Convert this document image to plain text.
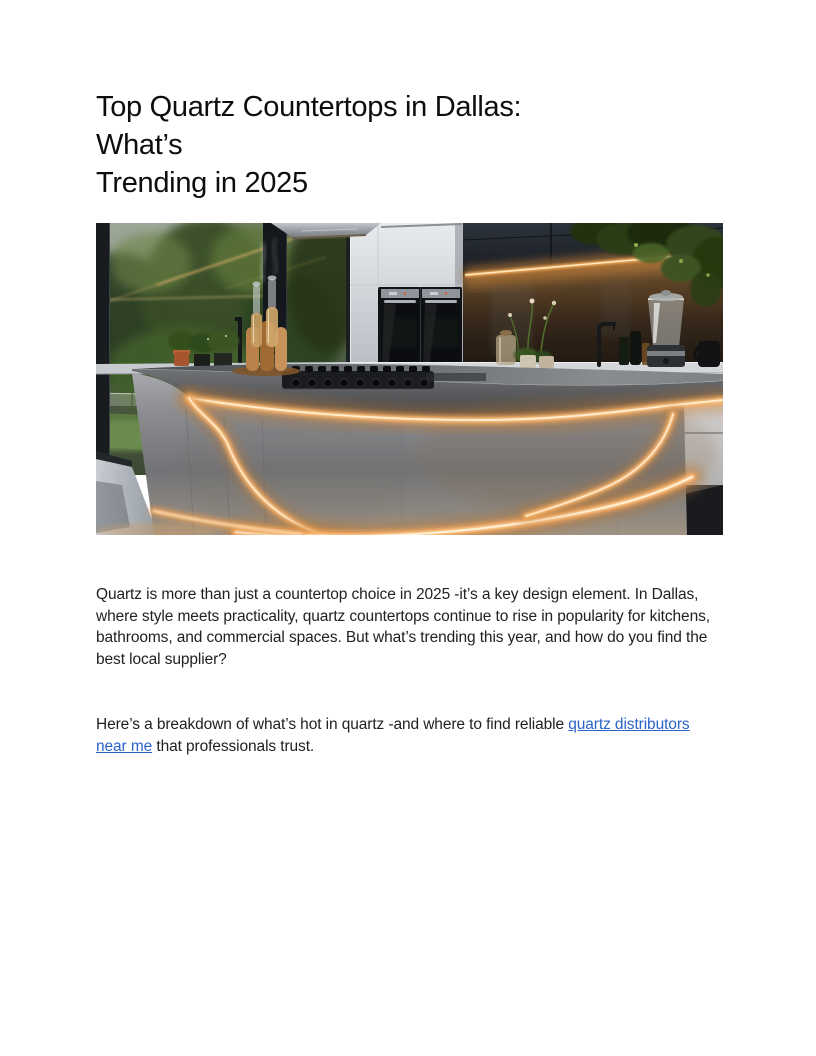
Top Quartz Countertops in Dallas:
What’s
Trending in 2025

Quartz is more than just a countertop choice in 2025 -it’s a key design element. In Dallas, where style meets practicality, quartz countertops continue to rise in popularity for kitchens, bathrooms, and commercial spaces. But what’s trending this year, and how do you find the best local supplier?

Here’s a breakdown of what’s hot in quartz -and where to find reliable quartz distributors near me that professionals trust.
